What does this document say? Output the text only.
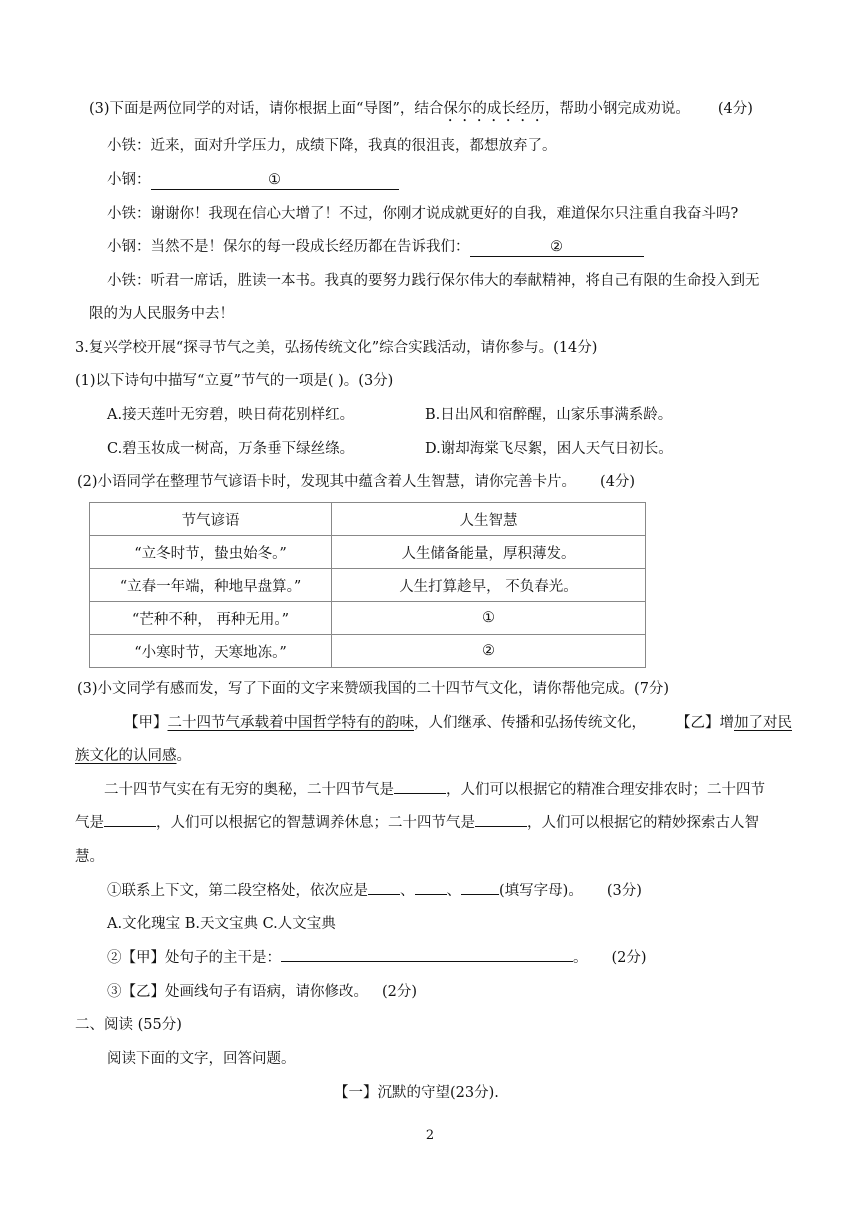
(3)下面是两位同学的对话，请你根据上面“导图”，结合保尔的成长经历，帮助小钢完成劝说。 (4分)
小铁：近来，面对升学压力，成绩下降，我真的很沮丧，都想放弃了。
小钢：	①
小铁：谢谢你！我现在信心大增了！不过，你刚才说成就更好的自我，难道保尔只注重自我奋斗吗?
小钢：当然不是！保尔的每一段成长经历都在告诉我们：	②
小铁：听君一席话，胜读一本书。我真的要努力践行保尔伟大的奉献精神，将自己有限的生命投入到无
限的为人民服务中去！
3.复兴学校开展“探寻节气之美，弘扬传统文化”综合实践活动，请你参与。(14分)
(1)以下诗句中描写“立夏”节气的一项是( )。(3分)
A.接天莲叶无穷碧，映日荷花别样红。	B.日出风和宿醉醒，山家乐事满系龄。
C.碧玉妆成一树高，万条垂下绿丝绦。	D.谢却海棠飞尽絮，困人天气日初长。
(2)小语同学在整理节气谚语卡时，发现其中蕴含着人生智慧，请你完善卡片。 (4分)
节气谚语	人生智慧
“立冬时节，蛰虫始冬。”	人生储备能量，厚积薄发。
“立春一年端，种地早盘算。”	人生打算趁早， 不负春光。
“芒种不种， 再种无用。”	①
“小寒时节，天寒地冻。”	②
(3)小文同学有感而发，写了下面的文字来赞颂我国的二十四节气文化，请你帮他完成。(7分)
【甲】二十四节气承载着中国哲学特有的韵味，人们继承、传播和弘扬传统文化， 【乙】增加了对民
族文化的认同感。
二十四节气实在有无穷的奥秘，二十四节气是	，人们可以根据它的精准合理安排农时；二十四节
气是	，人们可以根据它的智慧调养休息；二十四节气是	，人们可以根据它的精妙探索古人智
慧。
①联系上下文，第二段空格处，依次应是 、 、	(填写字母)。 (3分)
A.文化瑰宝 B.天文宝典 C.人文宝典
②【甲】处句子的主干是：	。 (2分)
③【乙】处画线句子有语病，请你修改。 (2分)
二、阅读 (55分)
阅读下面的文字，回答问题。
【一】沉默的守望(23分).
2
